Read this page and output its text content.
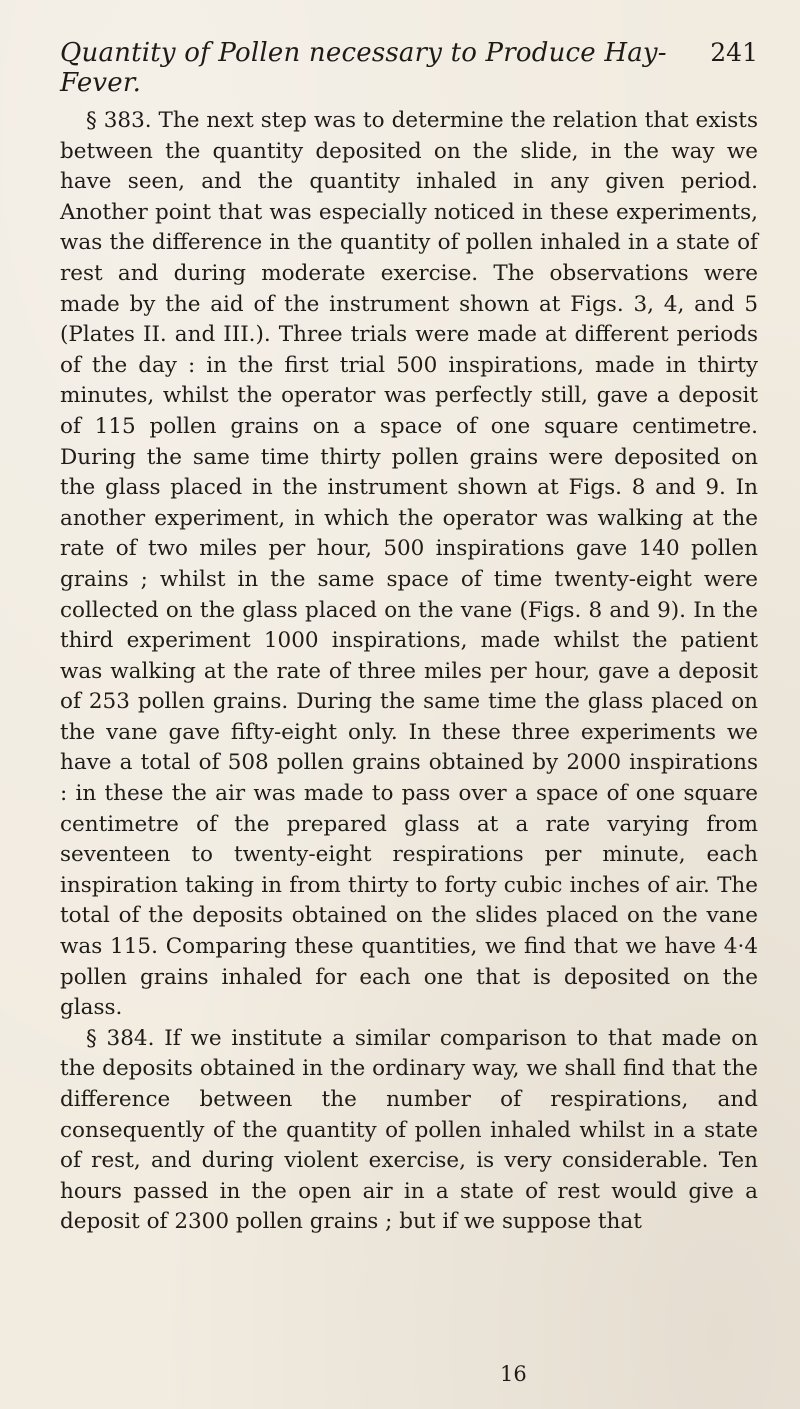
Quantity of Pollen necessary to Produce Hay-Fever.
241

§ 383. The next step was to determine the relation that exists between the quantity deposited on the slide, in the way we have seen, and the quantity inhaled in any given period. Another point that was especially noticed in these experiments, was the difference in the quantity of pollen inhaled in a state of rest and during moderate exercise. The observations were made by the aid of the instrument shown at Figs. 3, 4, and 5 (Plates II. and III.). Three trials were made at different periods of the day : in the first trial 500 inspirations, made in thirty minutes, whilst the operator was perfectly still, gave a deposit of 115 pollen grains on a space of one square centimetre. During the same time thirty pollen grains were deposited on the glass placed in the instrument shown at Figs. 8 and 9. In another experiment, in which the operator was walking at the rate of two miles per hour, 500 inspirations gave 140 pollen grains ; whilst in the same space of time twenty-eight were collected on the glass placed on the vane (Figs. 8 and 9). In the third experiment 1000 inspirations, made whilst the patient was walking at the rate of three miles per hour, gave a deposit of 253 pollen grains. During the same time the glass placed on the vane gave fifty-eight only. In these three experiments we have a total of 508 pollen grains obtained by 2000 inspirations : in these the air was made to pass over a space of one square centimetre of the prepared glass at a rate varying from seventeen to twenty-eight respirations per minute, each inspiration taking in from thirty to forty cubic inches of air. The total of the deposits obtained on the slides placed on the vane was 115. Comparing these quantities, we find that we have 4·4 pollen grains inhaled for each one that is deposited on the glass.

§ 384. If we institute a similar comparison to that made on the deposits obtained in the ordinary way, we shall find that the difference between the number of respirations, and consequently of the quantity of pollen inhaled whilst in a state of rest, and during violent exercise, is very considerable. Ten hours passed in the open air in a state of rest would give a deposit of 2300 pollen grains ; but if we suppose that

16
